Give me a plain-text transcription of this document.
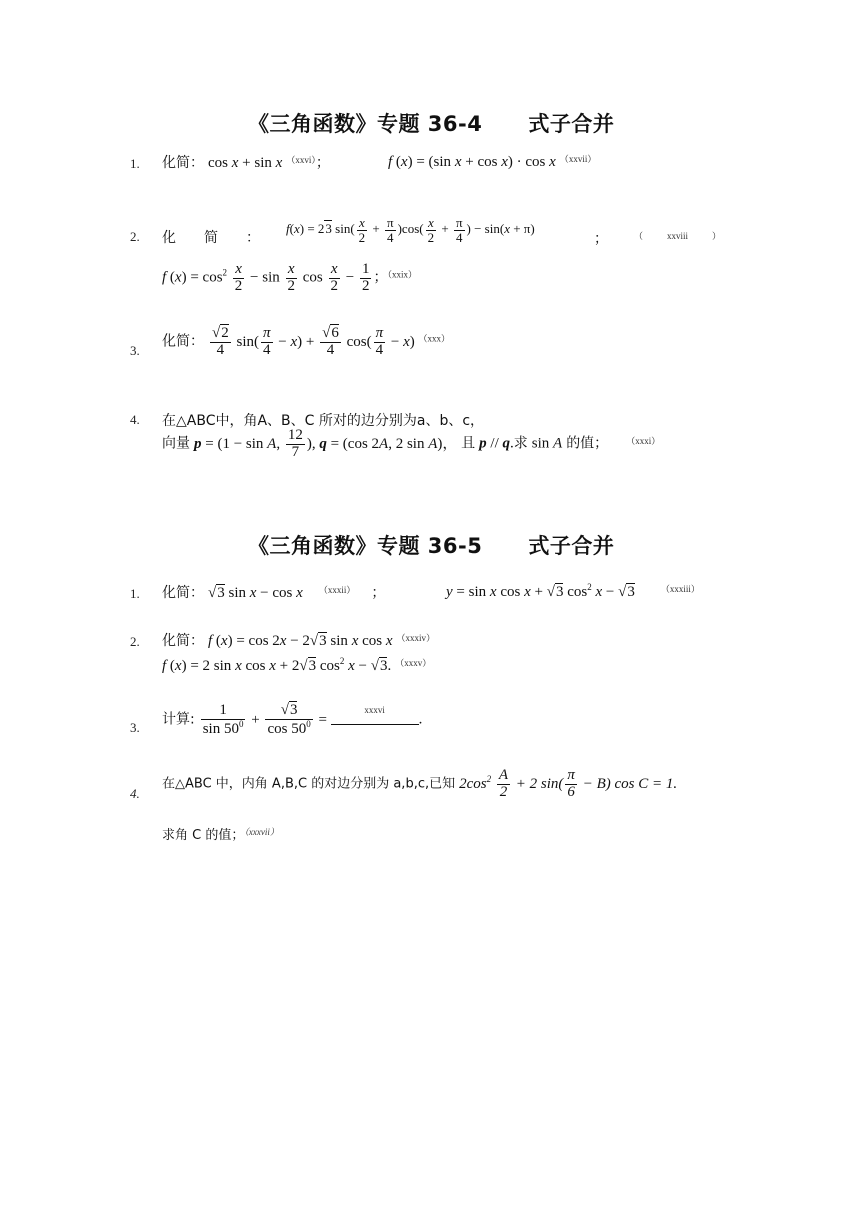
《三角函数》专题 36-4 式子合并
1. 化简： cos x + sin x $^{(xxvi)}$；	f (x) = (sin x + cos x) · cos x $^{(xxvii)}$
2. 化　　简　　：
f(x) = 23 $\sin( \frac{x}{2} + \frac{\pi}{4} )\cos( \frac{x}{2} + \frac{\pi}{4}$ ) − sin(x + π)
；	$^{( xxviii )}$
f $(x) = \cos^2 \frac{x}{2} - \sin \frac{x}{2}$ $\cos \frac{x}{2} - \frac{1}{2}$ ；$^{(xxix)}$
3.
化简： $\frac{√2}{4} \sin( \frac{\pi}{4} - x) + \frac{√6}{4} \cos( \frac{\pi}{4} - x)$ $^{(xxx)}$
4. 在△ABC中，角A、B、C 所对的边分别为a、b、c，
向量 p = (1 − sin A, $\frac{12}{7}$ ), q = (cos 2A, 2 sin A)， 且 p // q.求 sin A 的值； $^{(xxxi)}$
《三角函数》专题 36-5 式子合并
1. 化简： √3 sin x − cos x $^{(xxxii)}$ ；	y = sin x cos x + √3 $\cos^2 x - √3$	$^{(xxxiii)}$
2. 化简： f (x) = cos 2x − 2√3 sin x cos x $^{(xxxiv)}$
f (x) = 2 sin x cos x + 2√3 $\cos^2 x - √3$. $^{(xxxv)}$
3. 计算: $\frac{1}{\sin 50^0} + \frac{√3}{\cos 50^0} = ^{xxxvi}$.
4.
在△ABC 中，内角 A,B,C 的对边分别为 a,b,c,已知 $2\cos^2 \frac{A}{2} + 2$ $\sin( \frac{\pi}{6} - B)$ cos C = 1.
求角 C 的值；$^{(xxxvii)}$
